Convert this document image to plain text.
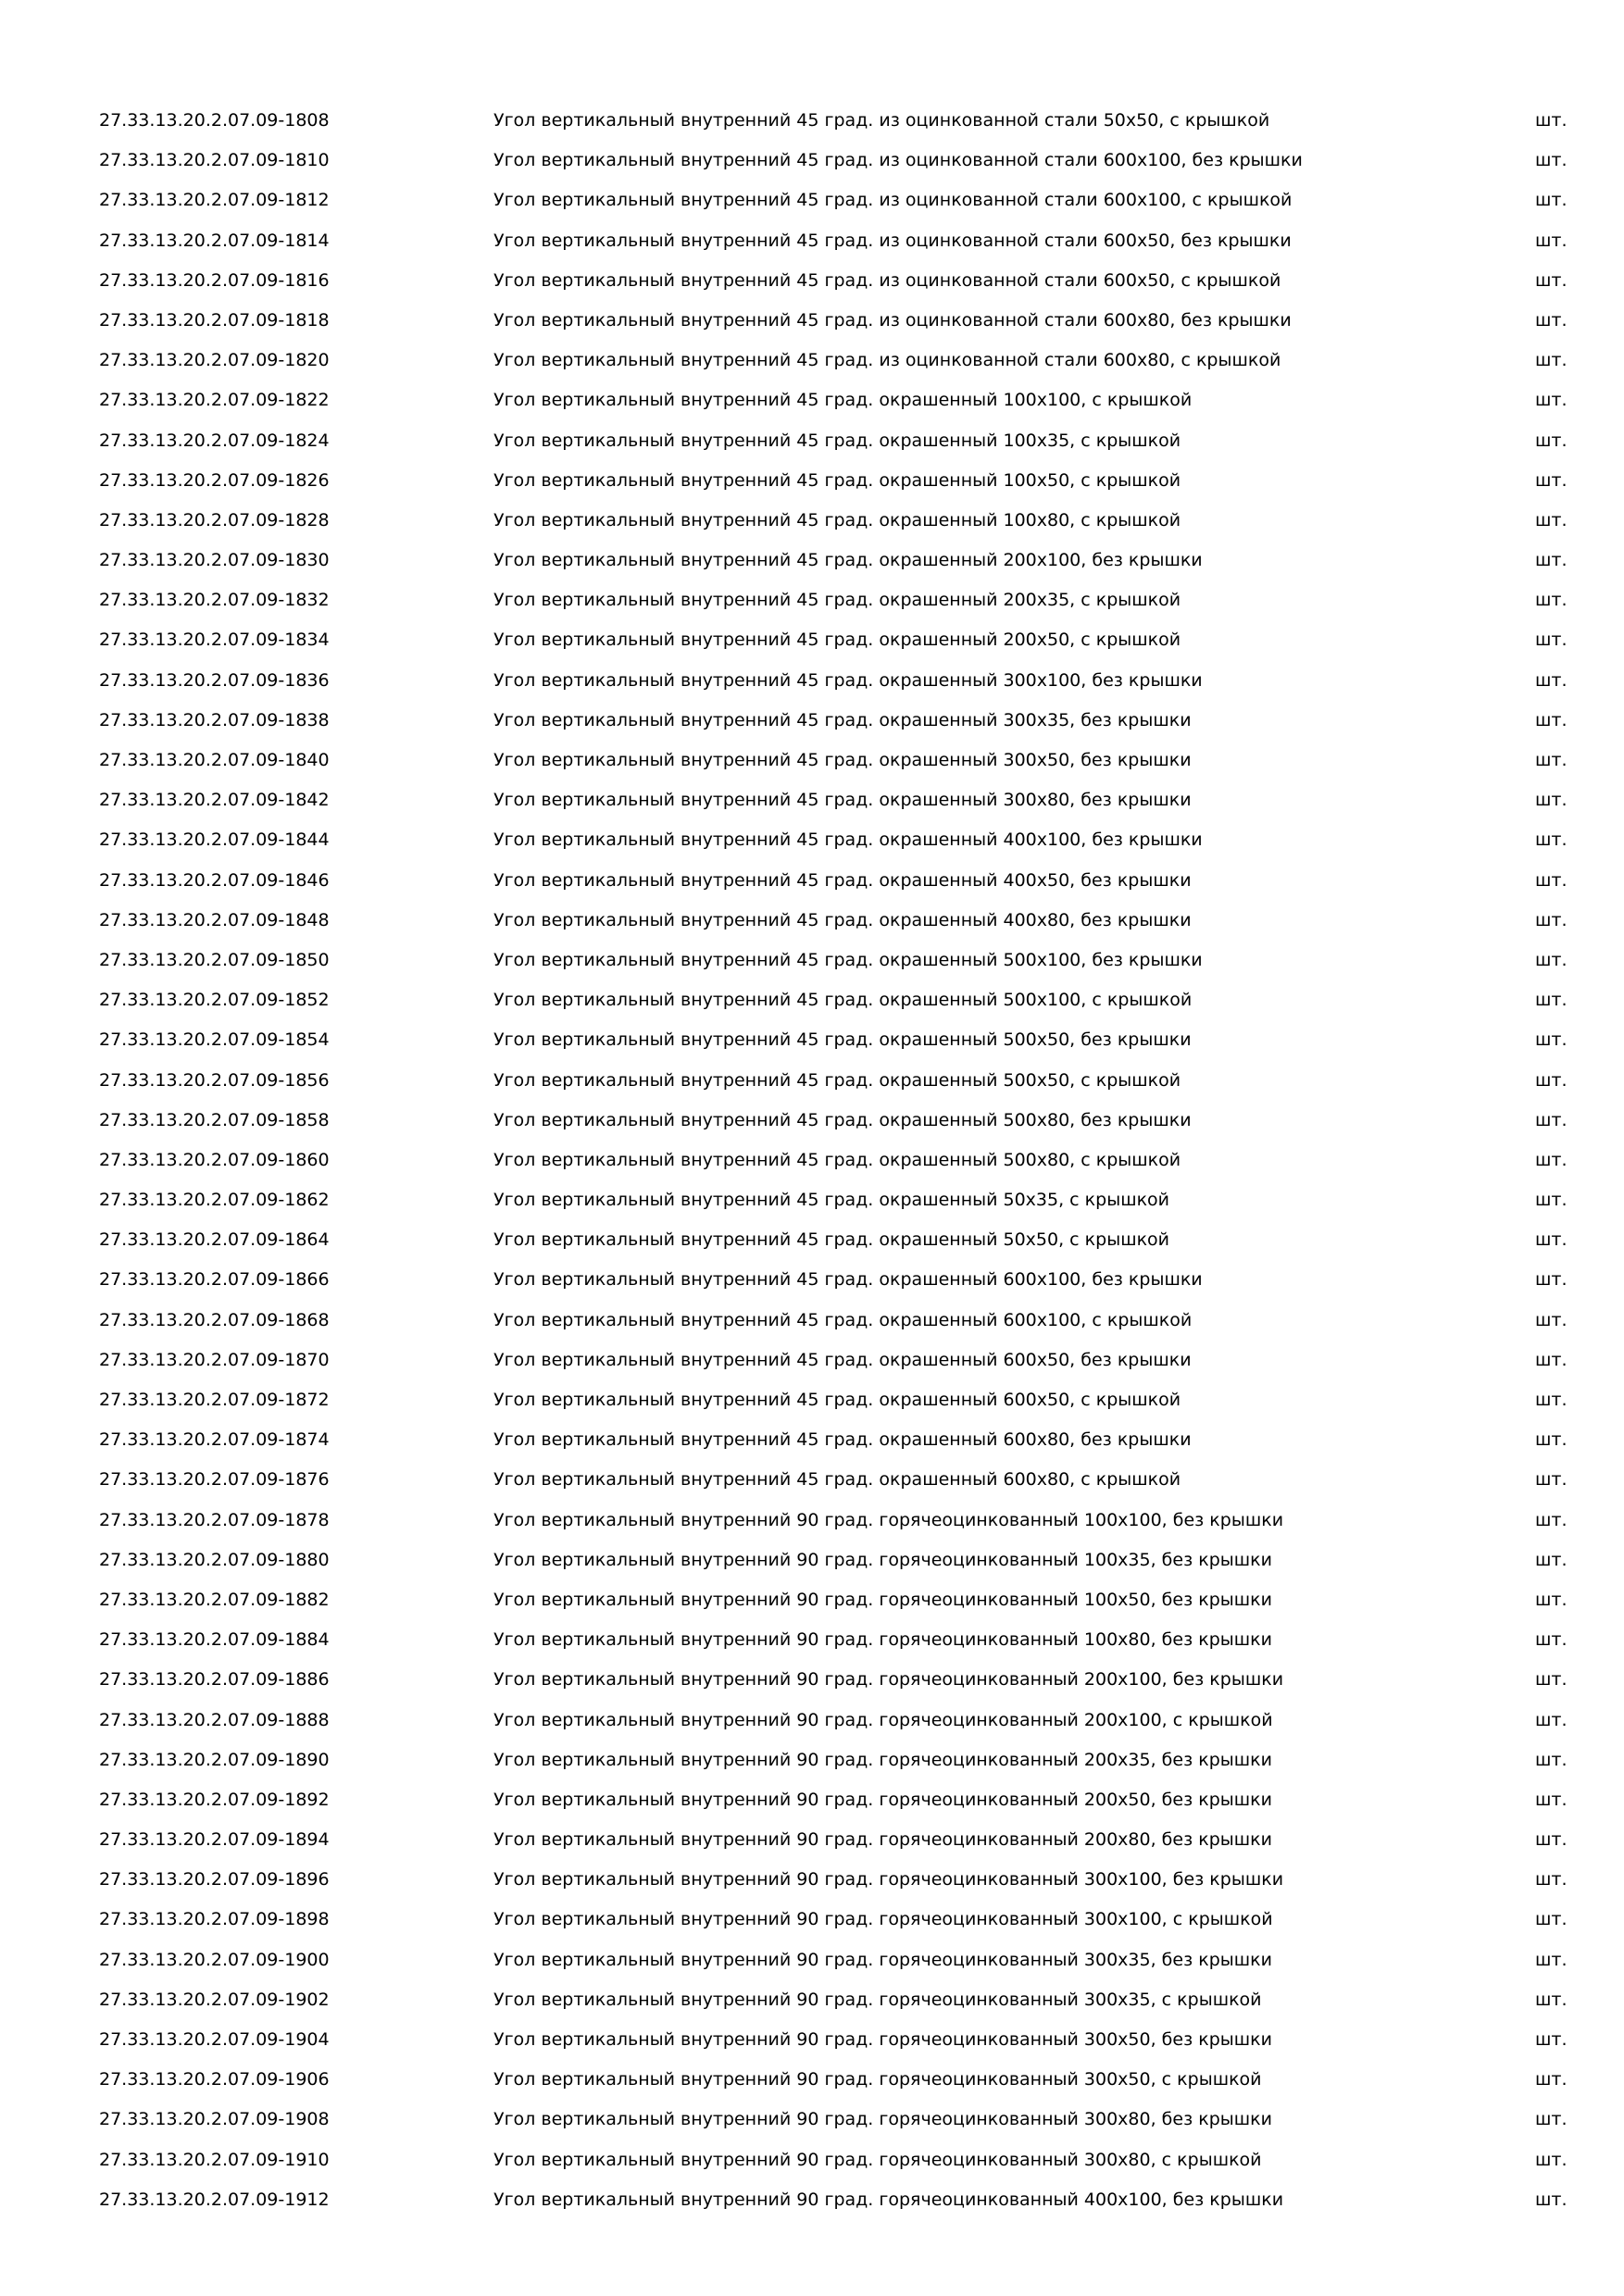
27.33.13.20.2.07.09-1808	Угол вертикальный внутренний 45 град. из оцинкованной стали 50x50, с крышкой	шт.
27.33.13.20.2.07.09-1810	Угол вертикальный внутренний 45 град. из оцинкованной стали 600x100, без крышки	шт.
27.33.13.20.2.07.09-1812	Угол вертикальный внутренний 45 град. из оцинкованной стали 600x100, с крышкой	шт.
27.33.13.20.2.07.09-1814	Угол вертикальный внутренний 45 град. из оцинкованной стали 600x50, без крышки	шт.
27.33.13.20.2.07.09-1816	Угол вертикальный внутренний 45 град. из оцинкованной стали 600x50, с крышкой	шт.
27.33.13.20.2.07.09-1818	Угол вертикальный внутренний 45 град. из оцинкованной стали 600x80, без крышки	шт.
27.33.13.20.2.07.09-1820	Угол вертикальный внутренний 45 град. из оцинкованной стали 600x80, с крышкой	шт.
27.33.13.20.2.07.09-1822	Угол вертикальный внутренний 45 град. окрашенный 100x100, с крышкой	шт.
27.33.13.20.2.07.09-1824	Угол вертикальный внутренний 45 град. окрашенный 100x35, с крышкой	шт.
27.33.13.20.2.07.09-1826	Угол вертикальный внутренний 45 град. окрашенный 100x50, с крышкой	шт.
27.33.13.20.2.07.09-1828	Угол вертикальный внутренний 45 град. окрашенный 100x80, с крышкой	шт.
27.33.13.20.2.07.09-1830	Угол вертикальный внутренний 45 град. окрашенный 200x100, без крышки	шт.
27.33.13.20.2.07.09-1832	Угол вертикальный внутренний 45 град. окрашенный 200x35, с крышкой	шт.
27.33.13.20.2.07.09-1834	Угол вертикальный внутренний 45 град. окрашенный 200x50, с крышкой	шт.
27.33.13.20.2.07.09-1836	Угол вертикальный внутренний 45 град. окрашенный 300x100, без крышки	шт.
27.33.13.20.2.07.09-1838	Угол вертикальный внутренний 45 град. окрашенный 300x35, без крышки	шт.
27.33.13.20.2.07.09-1840	Угол вертикальный внутренний 45 град. окрашенный 300x50, без крышки	шт.
27.33.13.20.2.07.09-1842	Угол вертикальный внутренний 45 град. окрашенный 300x80, без крышки	шт.
27.33.13.20.2.07.09-1844	Угол вертикальный внутренний 45 град. окрашенный 400x100, без крышки	шт.
27.33.13.20.2.07.09-1846	Угол вертикальный внутренний 45 град. окрашенный 400x50, без крышки	шт.
27.33.13.20.2.07.09-1848	Угол вертикальный внутренний 45 град. окрашенный 400x80, без крышки	шт.
27.33.13.20.2.07.09-1850	Угол вертикальный внутренний 45 град. окрашенный 500x100, без крышки	шт.
27.33.13.20.2.07.09-1852	Угол вертикальный внутренний 45 град. окрашенный 500x100, с крышкой	шт.
27.33.13.20.2.07.09-1854	Угол вертикальный внутренний 45 град. окрашенный 500x50, без крышки	шт.
27.33.13.20.2.07.09-1856	Угол вертикальный внутренний 45 град. окрашенный 500x50, с крышкой	шт.
27.33.13.20.2.07.09-1858	Угол вертикальный внутренний 45 град. окрашенный 500x80, без крышки	шт.
27.33.13.20.2.07.09-1860	Угол вертикальный внутренний 45 град. окрашенный 500x80, с крышкой	шт.
27.33.13.20.2.07.09-1862	Угол вертикальный внутренний 45 град. окрашенный 50x35, с крышкой	шт.
27.33.13.20.2.07.09-1864	Угол вертикальный внутренний 45 град. окрашенный 50x50, с крышкой	шт.
27.33.13.20.2.07.09-1866	Угол вертикальный внутренний 45 град. окрашенный 600x100, без крышки	шт.
27.33.13.20.2.07.09-1868	Угол вертикальный внутренний 45 град. окрашенный 600x100, с крышкой	шт.
27.33.13.20.2.07.09-1870	Угол вертикальный внутренний 45 град. окрашенный 600x50, без крышки	шт.
27.33.13.20.2.07.09-1872	Угол вертикальный внутренний 45 град. окрашенный 600x50, с крышкой	шт.
27.33.13.20.2.07.09-1874	Угол вертикальный внутренний 45 град. окрашенный 600x80, без крышки	шт.
27.33.13.20.2.07.09-1876	Угол вертикальный внутренний 45 град. окрашенный 600x80, с крышкой	шт.
27.33.13.20.2.07.09-1878	Угол вертикальный внутренний 90 град. горячеоцинкованный 100x100, без крышки	шт.
27.33.13.20.2.07.09-1880	Угол вертикальный внутренний 90 град. горячеоцинкованный 100x35, без крышки	шт.
27.33.13.20.2.07.09-1882	Угол вертикальный внутренний 90 град. горячеоцинкованный 100x50, без крышки	шт.
27.33.13.20.2.07.09-1884	Угол вертикальный внутренний 90 град. горячеоцинкованный 100x80, без крышки	шт.
27.33.13.20.2.07.09-1886	Угол вертикальный внутренний 90 град. горячеоцинкованный 200x100, без крышки	шт.
27.33.13.20.2.07.09-1888	Угол вертикальный внутренний 90 град. горячеоцинкованный 200x100, с крышкой	шт.
27.33.13.20.2.07.09-1890	Угол вертикальный внутренний 90 град. горячеоцинкованный 200x35, без крышки	шт.
27.33.13.20.2.07.09-1892	Угол вертикальный внутренний 90 град. горячеоцинкованный 200x50, без крышки	шт.
27.33.13.20.2.07.09-1894	Угол вертикальный внутренний 90 град. горячеоцинкованный 200x80, без крышки	шт.
27.33.13.20.2.07.09-1896	Угол вертикальный внутренний 90 град. горячеоцинкованный 300x100, без крышки	шт.
27.33.13.20.2.07.09-1898	Угол вертикальный внутренний 90 град. горячеоцинкованный 300x100, с крышкой	шт.
27.33.13.20.2.07.09-1900	Угол вертикальный внутренний 90 град. горячеоцинкованный 300x35, без крышки	шт.
27.33.13.20.2.07.09-1902	Угол вертикальный внутренний 90 град. горячеоцинкованный 300x35, с крышкой	шт.
27.33.13.20.2.07.09-1904	Угол вертикальный внутренний 90 град. горячеоцинкованный 300x50, без крышки	шт.
27.33.13.20.2.07.09-1906	Угол вертикальный внутренний 90 град. горячеоцинкованный 300x50, с крышкой	шт.
27.33.13.20.2.07.09-1908	Угол вертикальный внутренний 90 град. горячеоцинкованный 300x80, без крышки	шт.
27.33.13.20.2.07.09-1910	Угол вертикальный внутренний 90 град. горячеоцинкованный 300x80, с крышкой	шт.
27.33.13.20.2.07.09-1912	Угол вертикальный внутренний 90 град. горячеоцинкованный 400x100, без крышки	шт.
